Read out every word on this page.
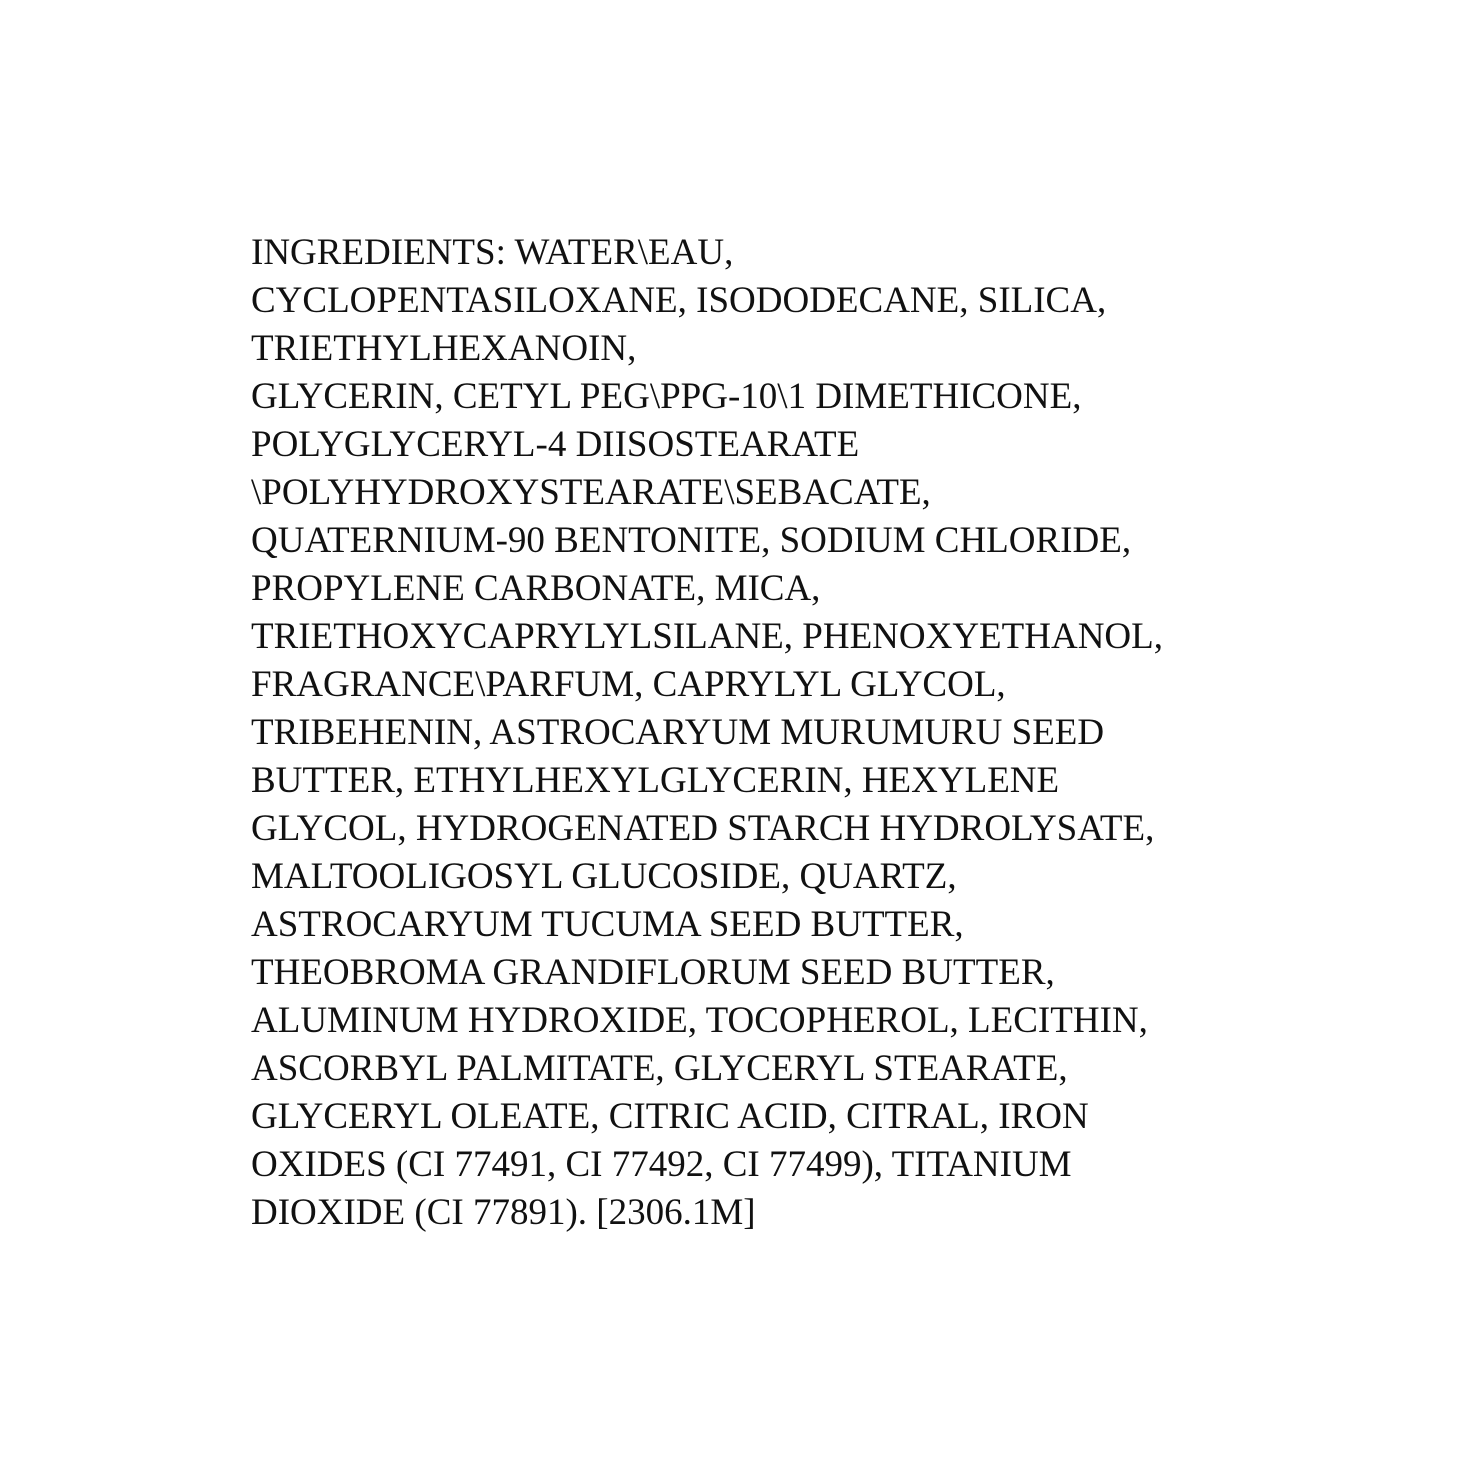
INGREDIENTS: WATER\EAU,
CYCLOPENTASILOXANE, ISODODECANE, SILICA,
TRIETHYLHEXANOIN,
GLYCERIN, CETYL PEG\PPG-10\1 DIMETHICONE,
POLYGLYCERYL-4 DIISOSTEARATE
\POLYHYDROXYSTEARATE\SEBACATE,
QUATERNIUM-90 BENTONITE, SODIUM CHLORIDE,
PROPYLENE CARBONATE, MICA,
TRIETHOXYCAPRYLYLSILANE, PHENOXYETHANOL,
FRAGRANCE\PARFUM, CAPRYLYL GLYCOL,
TRIBEHENIN, ASTROCARYUM MURUMURU SEED
BUTTER, ETHYLHEXYLGLYCERIN, HEXYLENE
GLYCOL, HYDROGENATED STARCH HYDROLYSATE,
MALTOOLIGOSYL GLUCOSIDE, QUARTZ,
ASTROCARYUM TUCUMA SEED BUTTER,
THEOBROMA GRANDIFLORUM SEED BUTTER,
ALUMINUM HYDROXIDE, TOCOPHEROL, LECITHIN,
ASCORBYL PALMITATE, GLYCERYL STEARATE,
GLYCERYL OLEATE, CITRIC ACID, CITRAL, IRON
OXIDES (CI 77491, CI 77492, CI 77499), TITANIUM
DIOXIDE (CI 77891). [2306.1M]
